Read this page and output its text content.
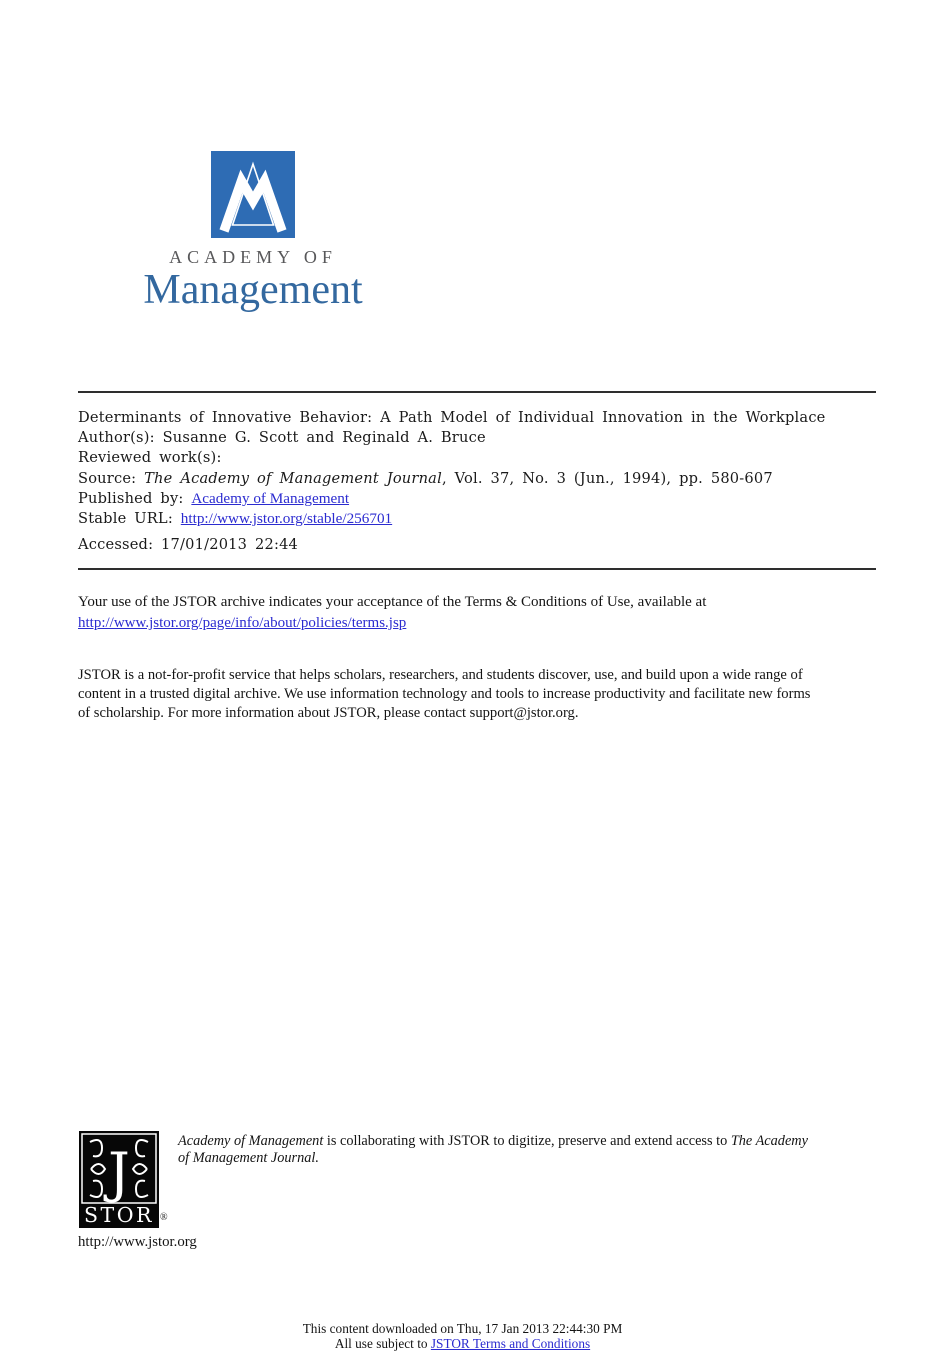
ACADEMY OF
Management
Determinants of Innovative Behavior: A Path Model of Individual Innovation in the Workplace
Author(s): Susanne G. Scott and Reginald A. Bruce
Reviewed work(s):
Source: The Academy of Management Journal, Vol. 37, No. 3 (Jun., 1994), pp. 580-607
Published by: Academy of Management
Stable URL: http://www.jstor.org/stable/256701
Accessed: 17/01/2013 22:44
Your use of the JSTOR archive indicates your acceptance of the Terms & Conditions of Use, available at
http://www.jstor.org/page/info/about/policies/terms.jsp
JSTOR is a not-for-profit service that helps scholars, researchers, and students discover, use, and build upon a wide range of
content in a trusted digital archive. We use information technology and tools to increase productivity and facilitate new forms
of scholarship. For more information about JSTOR, please contact support@jstor.org.
J
STOR ®
Academy of Management is collaborating with JSTOR to digitize, preserve and extend access to The Academy
of Management Journal.
http://www.jstor.org
This content downloaded on Thu, 17 Jan 2013 22:44:30 PM
All use subject to JSTOR Terms and Conditions
